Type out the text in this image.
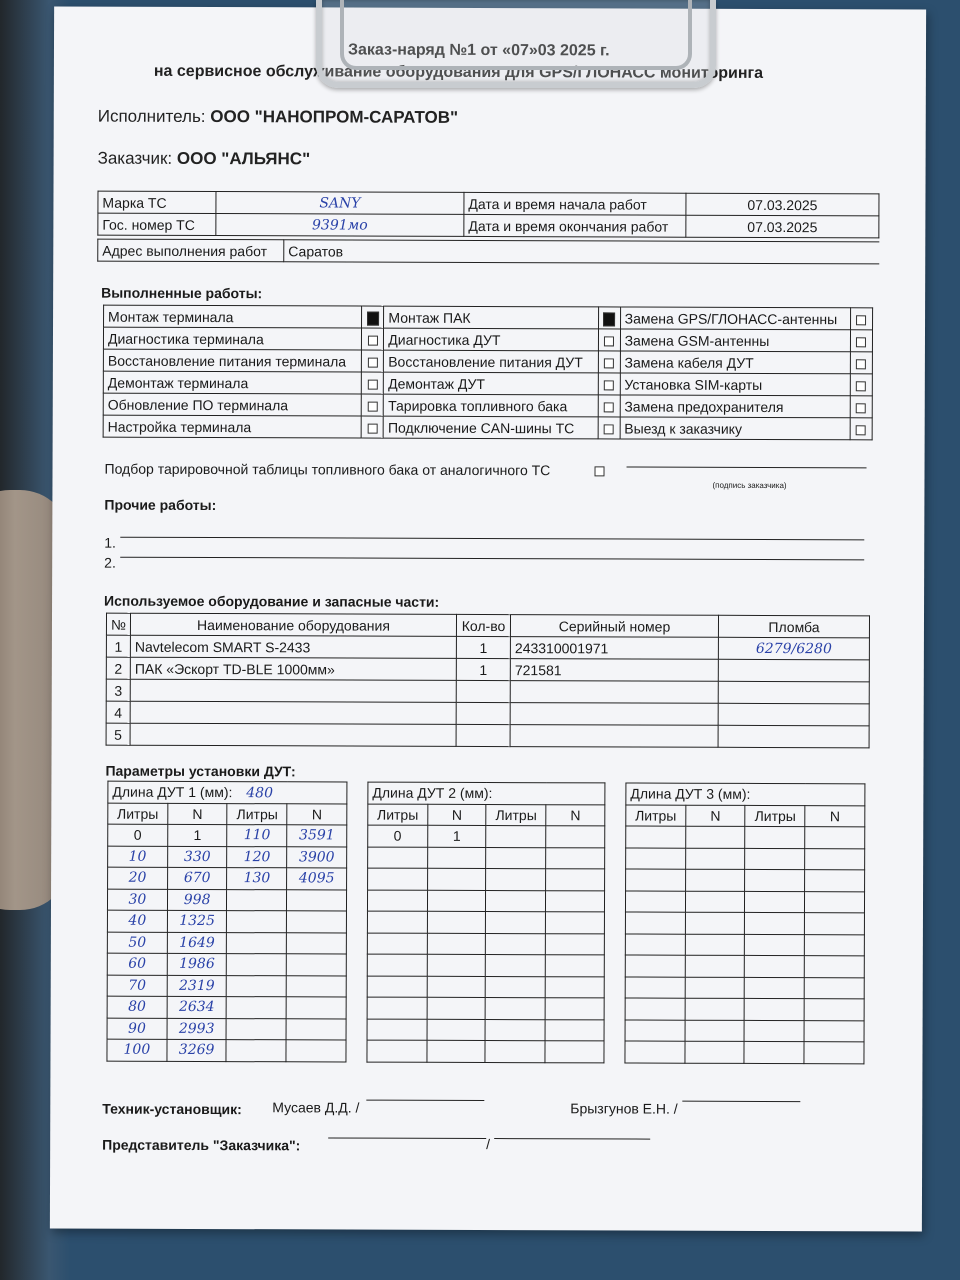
Заказ-наряд №1 от «07»03 2025 г.
на сервисное обслуживание оборудования для GPS/ГЛОНАСС мониторинга
Исполнитель: ООО "НАНОПРОМ-САРАТОВ"
Заказчик: ООО "АЛЬЯНС"
Марка ТС	SANY	Дата и время начала работ	07.03.2025
Гос. номер ТС	9391мо	Дата и время окончания работ	07.03.2025
Адрес выполнения работ	Саратов
Выполненные работы:
Монтаж терминала		Монтаж ПАК		Замена GPS/ГЛОНАСС-антенны	
Диагностика терминала		Диагностика ДУТ		Замена GSM-антенны	
Восстановление питания терминала		Восстановление питания ДУТ		Замена кабеля ДУТ	
Демонтаж терминала		Демонтаж ДУТ		Установка SIM-карты	
Обновление ПО терминала		Тарировка топливного бака		Замена предохранителя	
Настройка терминала		Подключение CAN-шины ТС		Выезд к заказчику	
Подбор тарировочной таблицы топливного бака от аналогичного ТС
(подпись заказчика)
Прочие работы:
1.
2.
Используемое оборудование и запасные части:
№	Наименование оборудования	Кол-во	Серийный номер	Пломба
1	Navtelecom SMART S-2433	1	243310001971	6279/6280
2	ПАК «Эскорт TD-BLE 1000мм»	1	721581	
3				
4				
5				
Параметры установки ДУТ:
Длина ДУТ 1 (мм): 480			
Литры	N	Литры	N
0	1	110	3591
10	330	120	3900
20	670	130	4095
30	998		
40	1325		
50	1649		
60	1986		
70	2319		
80	2634		
90	2993		
100	3269		
Длина ДУТ 2 (мм):			
Литры	N	Литры	N
0	1		

Длина ДУТ 3 (мм):			
Литры	N	Литры	N

Техник-установщик: Мусаев Д.Д. /	Брызгунов Е.Н. /
Представитель "Заказчика":	/
